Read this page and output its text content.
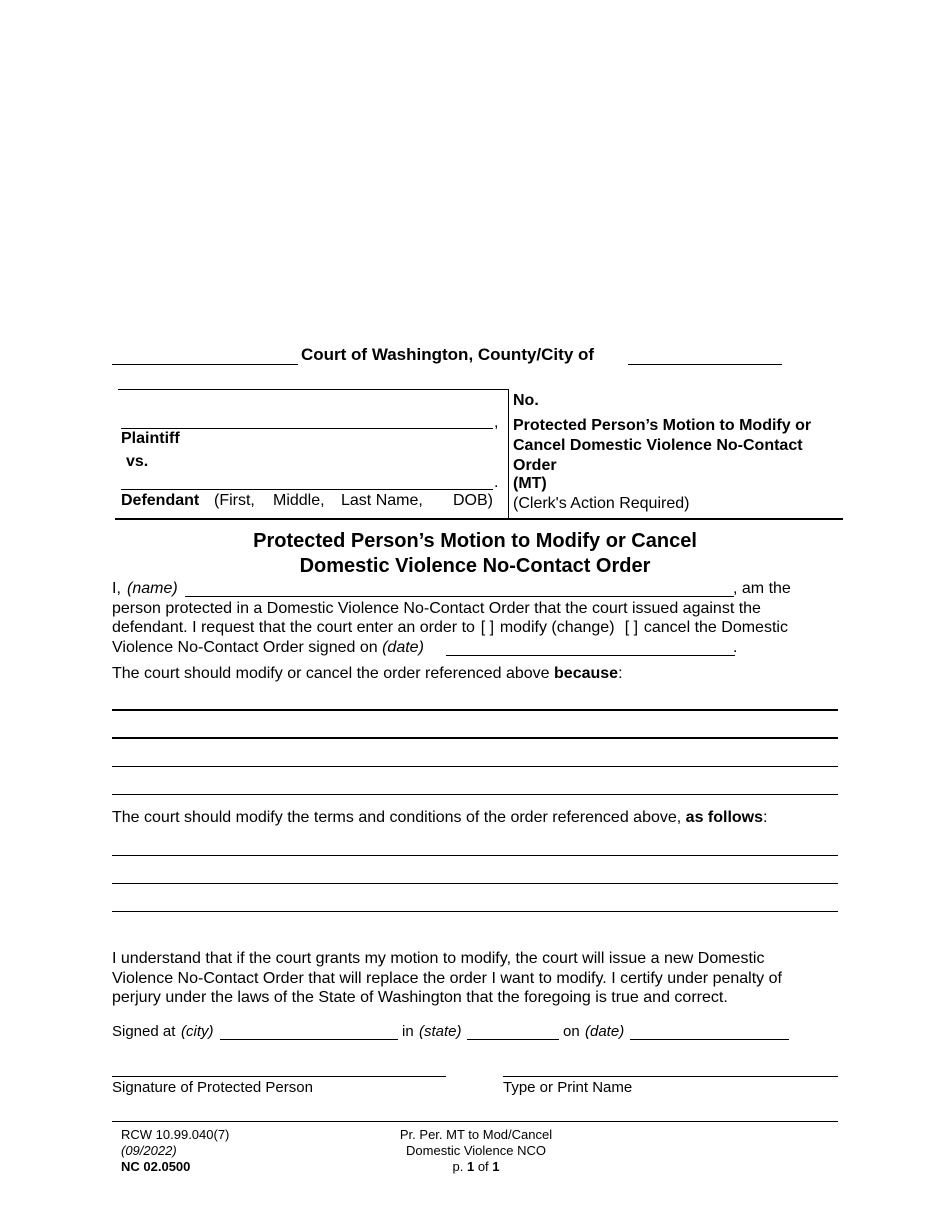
Court of Washington, County/City of
,
Plaintiff
vs.
.
Defendant (First, Middle, Last Name, DOB)
No.
Protected Person’s Motion to Modify or Cancel Domestic Violence No-Contact Order
(MT)
(Clerk's Action Required)
Protected Person’s Motion to Modify or Cancel
Domestic Violence No-Contact Order
I, (name)	, am the
person protected in a Domestic Violence No-Contact Order that the court issued against the
defendant. I request that the court enter an order to [ ] modify (change) [ ] cancel the Domestic
Violence No-Contact Order signed on (date)	.
The court should modify or cancel the order referenced above because:
The court should modify the terms and conditions of the order referenced above, as follows:
I understand that if the court grants my motion to modify, the court will issue a new Domestic
Violence No-Contact Order that will replace the order I want to modify. I certify under penalty of
perjury under the laws of the State of Washington that the foregoing is true and correct.
Signed at (city)	in (state)	on (date)
Signature of Protected Person	Type or Print Name
RCW 10.99.040(7)
(09/2022)
NC 02.0500
Pr. Per. MT to Mod/Cancel
Domestic Violence NCO
p. 1 of 1
